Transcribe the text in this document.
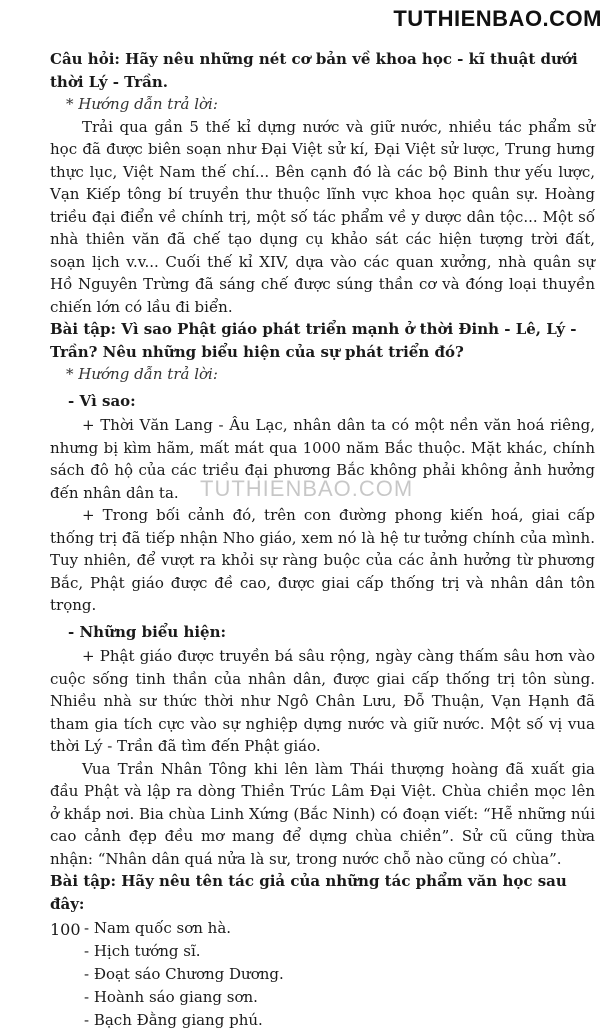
TUTHIENBAO.COM
TUTHIENBAO.COM

Câu hỏi: Hãy nêu những nét cơ bản về khoa học - kĩ thuật dưới thời Lý - Trần.

* Hướng dẫn trả lời:

Trải qua gần 5 thế kỉ dựng nước và giữ nước, nhiều tác phẩm sử học đã được biên soạn như Đại Việt sử kí, Đại Việt sử lược, Trung hưng thực lục, Việt Nam thế chí... Bên cạnh đó là các bộ Binh thư yếu lược, Vạn Kiếp tông bí truyền thư thuộc lĩnh vực khoa học quân sự. Hoàng triều đại điển về chính trị, một số tác phẩm về y dược dân tộc... Một số nhà thiên văn đã chế tạo dụng cụ khảo sát các hiện tượng trời đất, soạn lịch v.v... Cuối thế kỉ XIV, dựa vào các quan xưởng, nhà quân sự Hồ Nguyên Trừng đã sáng chế được súng thần cơ và đóng loại thuyền chiến lớn có lầu đi biển.

Bài tập: Vì sao Phật giáo phát triển mạnh ở thời Đinh - Lê, Lý - Trần? Nêu những biểu hiện của sự phát triển đó?

* Hướng dẫn trả lời:

- Vì sao:

+ Thời Văn Lang - Âu Lạc, nhân dân ta có một nền văn hoá riêng, nhưng bị kìm hãm, mất mát qua 1000 năm Bắc thuộc. Mặt khác, chính sách đô hộ của các triều đại phương Bắc không phải không ảnh hưởng đến nhân dân ta.

+ Trong bối cảnh đó, trên con đường phong kiến hoá, giai cấp thống trị đã tiếp nhận Nho giáo, xem nó là hệ tư tưởng chính của mình. Tuy nhiên, để vượt ra khỏi sự ràng buộc của các ảnh hưởng từ phương Bắc, Phật giáo được đề cao, được giai cấp thống trị và nhân dân tôn trọng.

- Những biểu hiện:

+ Phật giáo được truyền bá sâu rộng, ngày càng thấm sâu hơn vào cuộc sống tinh thần của nhân dân, được giai cấp thống trị tôn sùng. Nhiều nhà sư thức thời như Ngô Chân Lưu, Đỗ Thuận, Vạn Hạnh đã tham gia tích cực vào sự nghiệp dựng nước và giữ nước. Một số vị vua thời Lý - Trần đã tìm đến Phật giáo.

Vua Trần Nhân Tông khi lên làm Thái thượng hoàng đã xuất gia đầu Phật và lập ra dòng Thiền Trúc Lâm Đại Việt. Chùa chiền mọc lên ở khắp nơi. Bia chùa Linh Xứng (Bắc Ninh) có đoạn viết: “Hễ những núi cao cảnh đẹp đều mơ mang để dựng chùa chiền”. Sử cũ cũng thừa nhận: “Nhân dân quá nửa là sư, trong nước chỗ nào cũng có chùa”.

Bài tập: Hãy nêu tên tác giả của những tác phẩm văn học sau đây:

- Nam quốc sơn hà.
- Hịch tướng sĩ.
- Đoạt sáo Chương Dương.
- Hoành sáo giang sơn.
- Bạch Đằng giang phú.
100
